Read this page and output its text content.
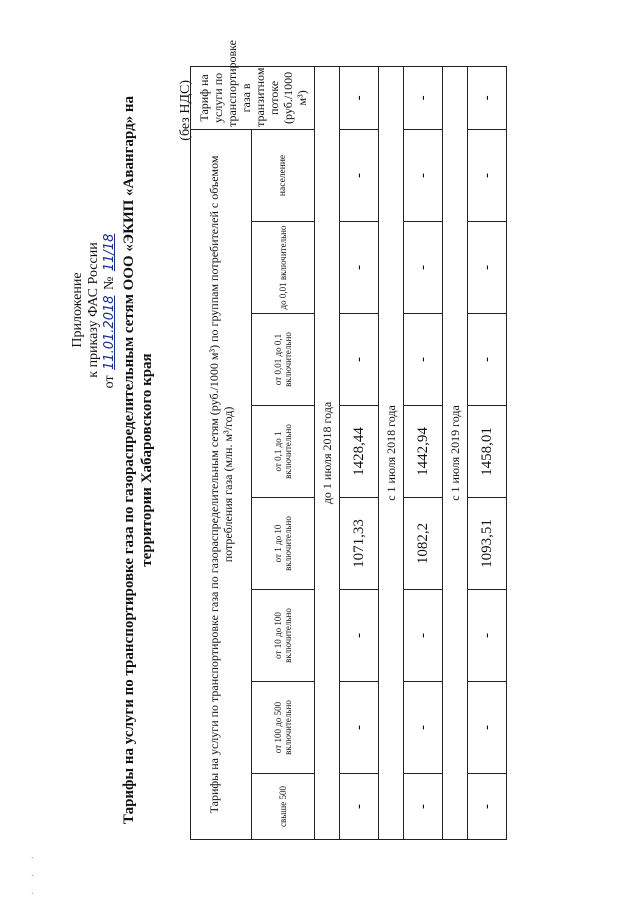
· · ·
Приложение к приказу ФАС России
от 11.01.2018 № 11/18 Тарифы на услуги по транспортировке газа по газораспределительным сетям ООО «ЭКИП «Авангард» на территории Хабаровского края
(без НДС)
Тарифы на услуги по транспортировке газа по газораспределительным сетям (руб./1000 м³) по группам потребителей с объемом потребления газа (млн. м³/год)								Тариф на услуги по транспортировке газа в транзитном потоке (руб./1000 м³)
свыше 500	от 100 до 500 включительно	от 10 до 100 включительно	от 1 до 10 включительно	от 0,1 до 1 включительно	от 0,01 до 0,1 включительно	до 0,01 включительно	население	
до 1 июля 2018 года								
-	-	-	1071,33	1428,44	-	-	-	-
с 1 июля 2018 года								
-	-	-	1082,2	1442,94	-	-	-	-
с 1 июля 2019 года								
-	-	-	1093,51	1458,01	-	-	-	-
